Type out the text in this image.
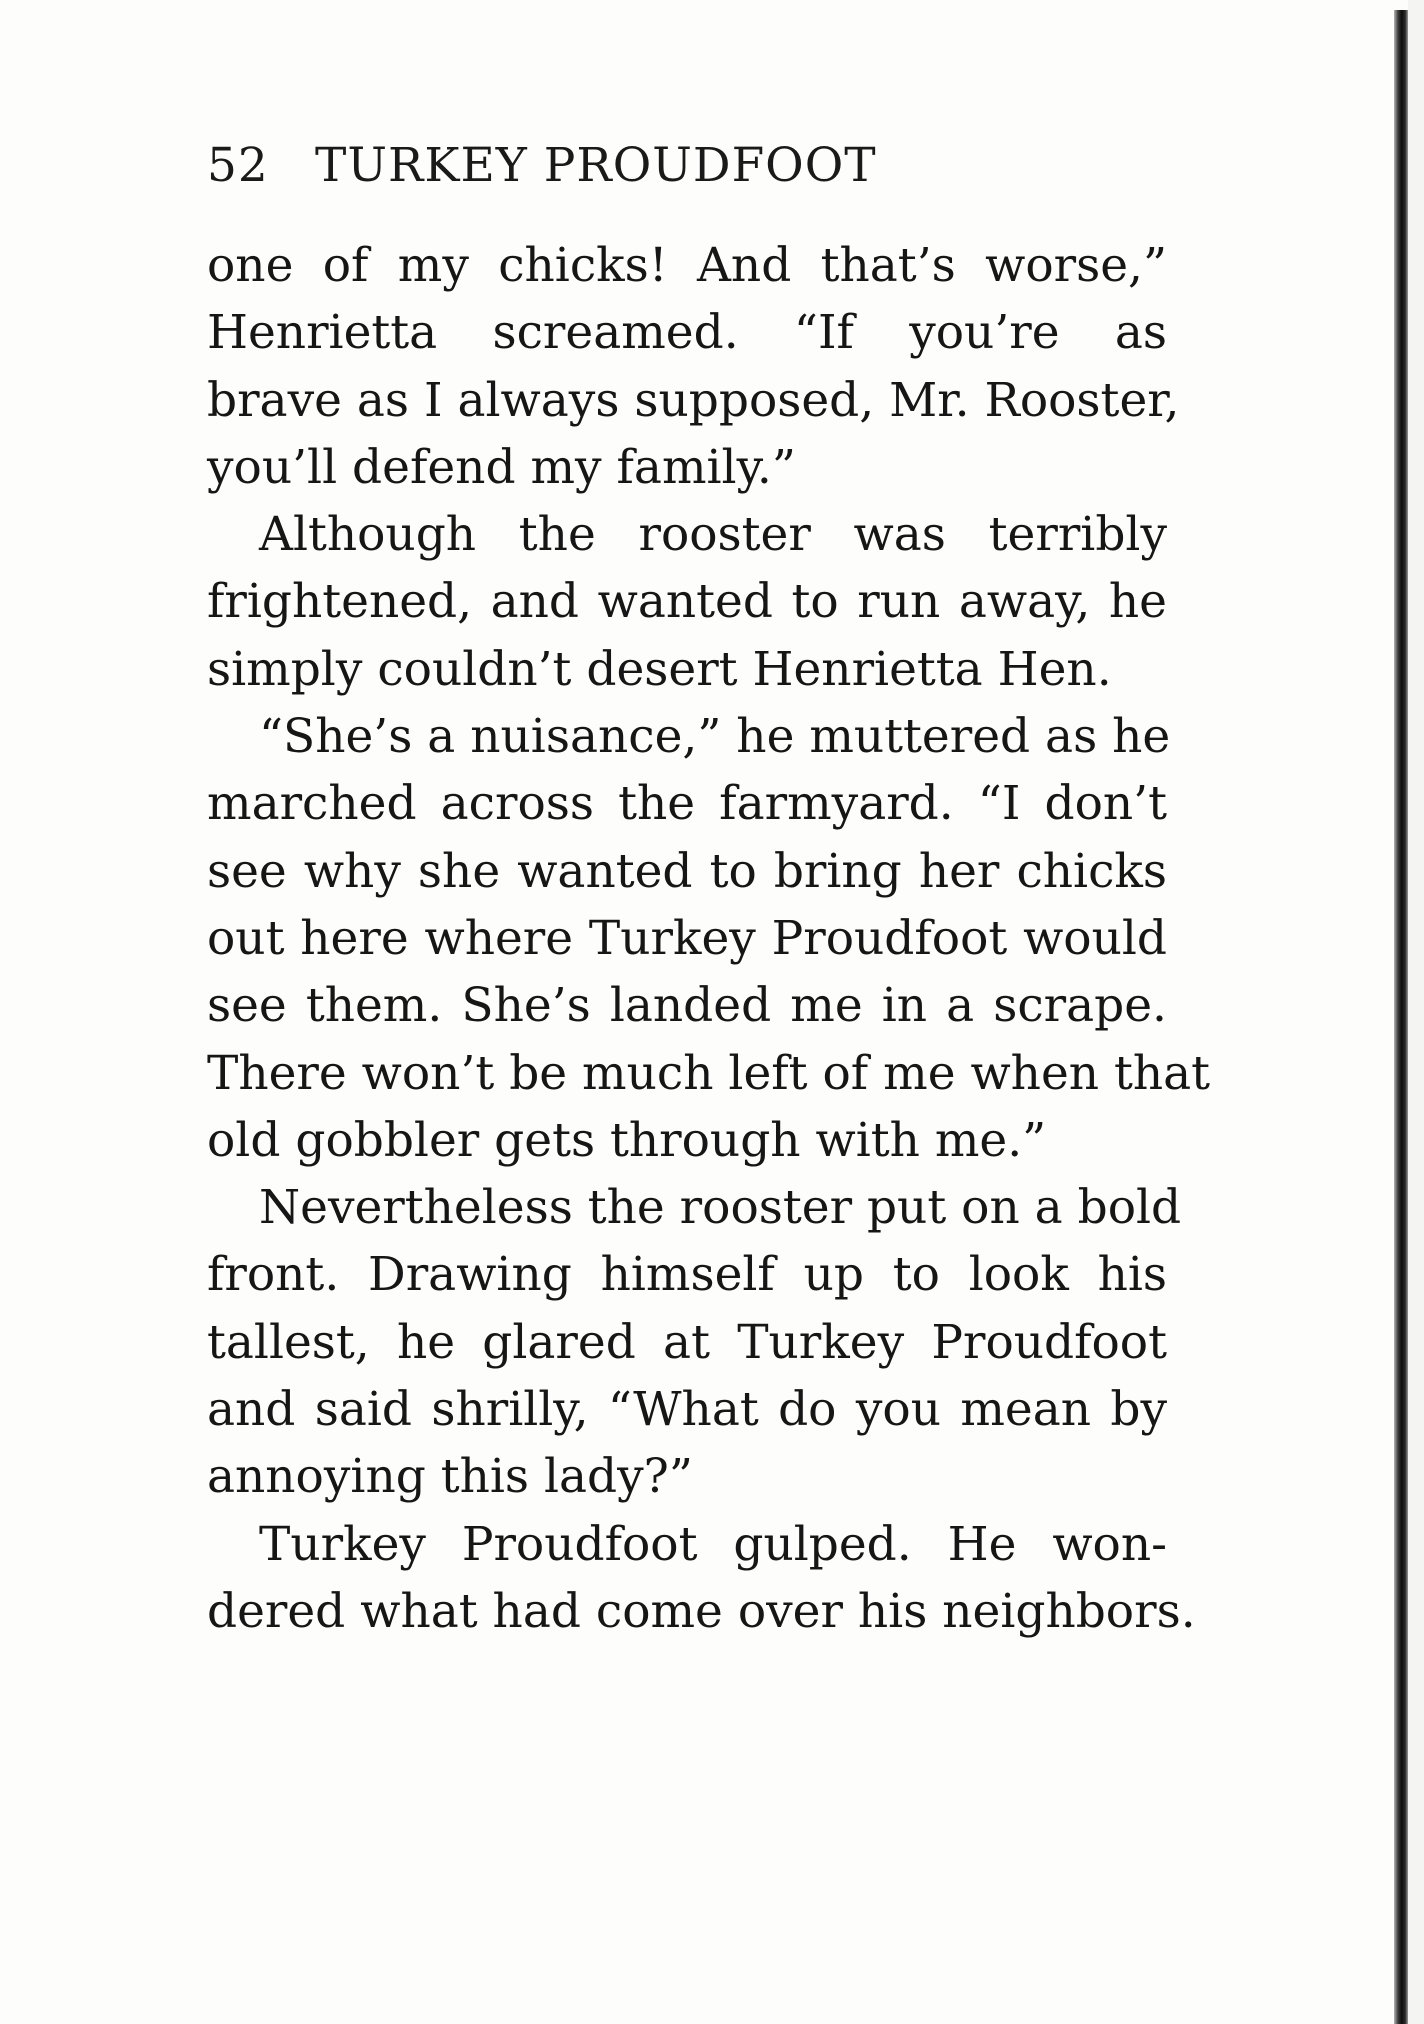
52 TURKEY PROUDFOOT

one of my chicks! And that’s worse,”
Henrietta screamed. “If you’re as
brave as I always supposed, Mr. Rooster,
you’ll defend my family.”

Although the rooster was terribly
frightened, and wanted to run away, he
simply couldn’t desert Henrietta Hen.

“She’s a nuisance,” he muttered as he
marched across the farmyard. “I don’t
see why she wanted to bring her chicks
out here where Turkey Proudfoot would
see them. She’s landed me in a scrape.
There won’t be much left of me when that
old gobbler gets through with me.”

Nevertheless the rooster put on a bold
front. Drawing himself up to look his
tallest, he glared at Turkey Proudfoot
and said shrilly, “What do you mean by
annoying this lady?”

Turkey Proudfoot gulped. He won-
dered what had come over his neighbors.
